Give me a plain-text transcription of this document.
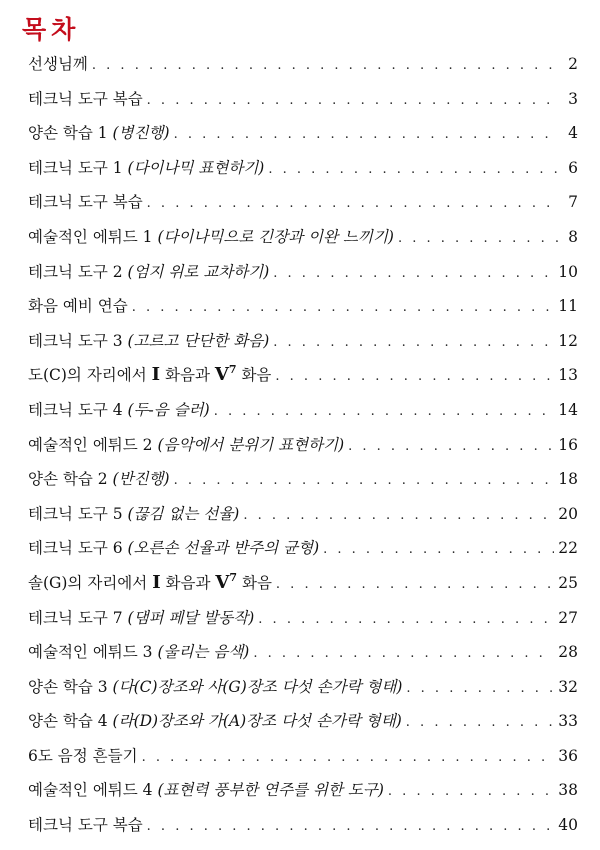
목차
선생님께 . . .	2
테크닉 도구 복습 . . .	3
양손 학습 1 (병진행) . . .	4
테크닉 도구 1 (다이나믹 표현하기) . . .	6
테크닉 도구 복습 . . .	7
예술적인 에튀드 1 (다이나믹으로 긴장과 이완 느끼기) . . .	8
테크닉 도구 2 (엄지 위로 교차하기) . . .	10
화음 예비 연습 . . .	11
테크닉 도구 3 (고르고 단단한 화음) . . .	12
도(C)의 자리에서 I 화음과 $V^7$ 화음 . . .	13
테크닉 도구 4 (두-음 슬러) . . .	14
예술적인 에튀드 2 (음악에서 분위기 표현하기) . . .	16
양손 학습 2 (반진행) . . .	18
테크닉 도구 5 (끊김 없는 선율) . . .	20
테크닉 도구 6 (오른손 선율과 반주의 균형) . . .	22
솔(G)의 자리에서 I 화음과 $V^7$ 화음 . . .	25
테크닉 도구 7 (댐퍼 페달 발동작) . . .	27
예술적인 에튀드 3 (울리는 음색) . . .	28
양손 학습 3 (다(C)장조와 사(G)장조 다섯 손가락 형태) . . .	32
양손 학습 4 (라(D)장조와 가(A)장조 다섯 손가락 형태) . . .	33
6도 음정 흔들기 . . .	36
예술적인 에튀드 4 (표현력 풍부한 연주를 위한 도구) . . .	38
테크닉 도구 복습 . . .	40
